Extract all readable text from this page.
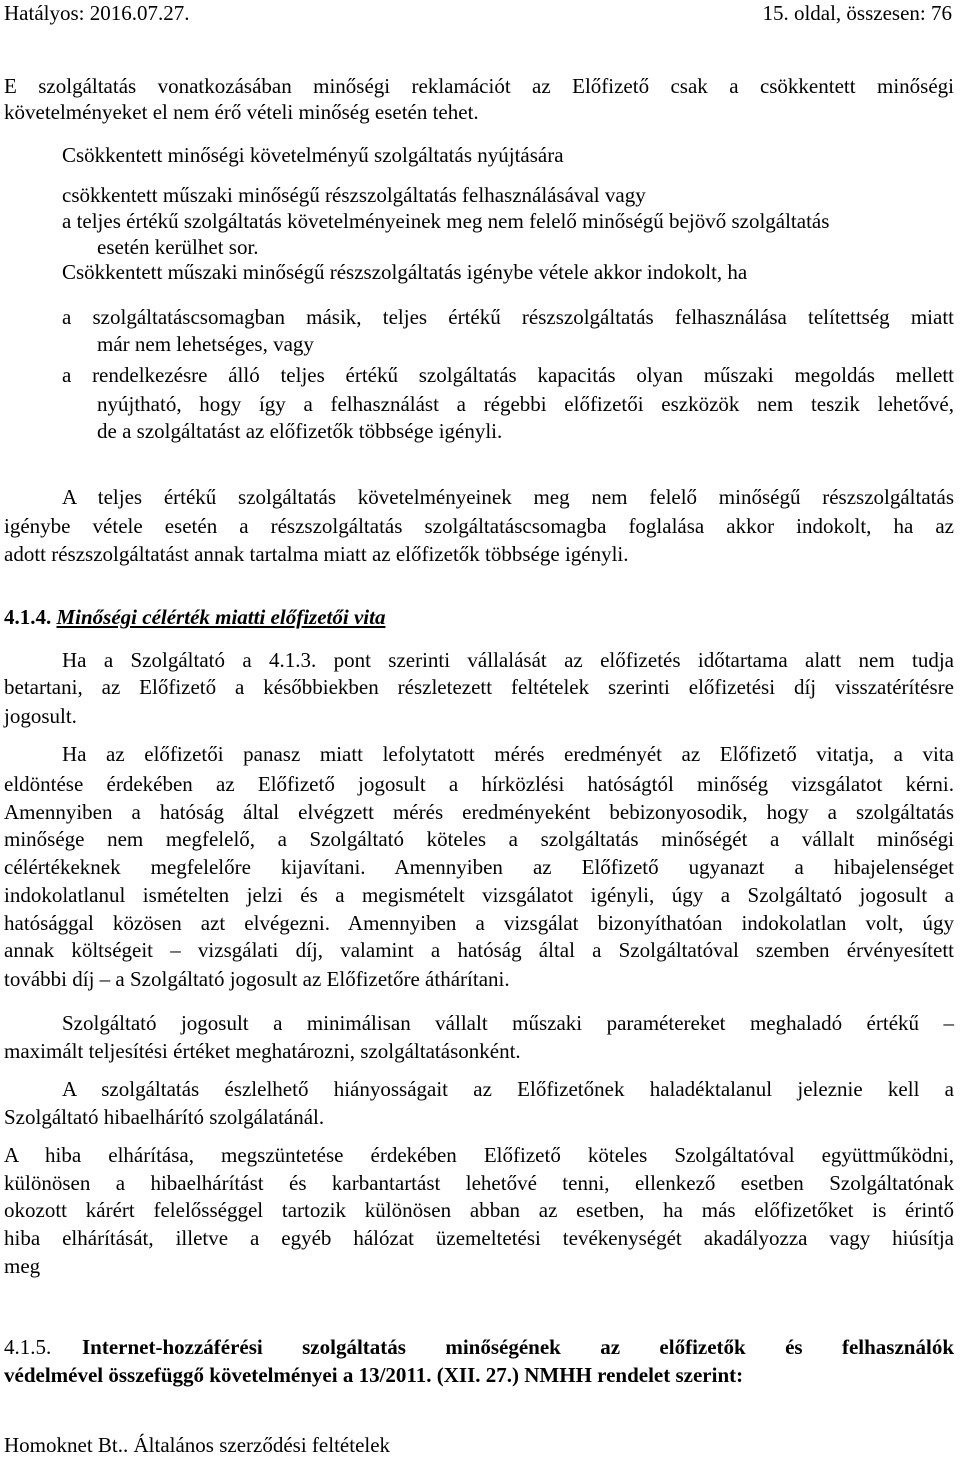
Hatályos: 2016.07.27.	15. oldal, összesen: 76

E szolgáltatás vonatkozásában minőségi reklamációt az Előfizető csak a csökkentett minőségi

követelményeket el nem érő vételi minőség esetén tehet.

Csökkentett minőségi követelményű szolgáltatás nyújtására

csökkentett műszaki minőségű részszolgáltatás felhasználásával vagy

a teljes értékű szolgáltatás követelményeinek meg nem felelő minőségű bejövő szolgáltatás

esetén kerülhet sor.

Csökkentett műszaki minőségű részszolgáltatás igénybe vétele akkor indokolt, ha

a szolgáltatáscsomagban másik, teljes értékű részszolgáltatás felhasználása telítettség miatt

már nem lehetséges, vagy

a rendelkezésre álló teljes értékű szolgáltatás kapacitás olyan műszaki megoldás mellett

nyújtható, hogy így a felhasználást a régebbi előfizetői eszközök nem teszik lehetővé,

de a szolgáltatást az előfizetők többsége igényli.

A teljes értékű szolgáltatás követelményeinek meg nem felelő minőségű részszolgáltatás

igénybe vétele esetén a részszolgáltatás szolgáltatáscsomagba foglalása akkor indokolt, ha az

adott részszolgáltatást annak tartalma miatt az előfizetők többsége igényli.

4.1.4. Minőségi célérték miatti előfizetői vita

Ha a Szolgáltató a 4.1.3. pont szerinti vállalását az előfizetés időtartama alatt nem tudja

betartani, az Előfizető a későbbiekben részletezett feltételek szerinti előfizetési díj visszatérítésre

jogosult.

Ha az előfizetői panasz miatt lefolytatott mérés eredményét az Előfizető vitatja, a vita

eldöntése érdekében az Előfizető jogosult a hírközlési hatóságtól minőség vizsgálatot kérni.

Amennyiben a hatóság által elvégzett mérés eredményeként bebizonyosodik, hogy a szolgáltatás

minősége nem megfelelő, a Szolgáltató köteles a szolgáltatás minőségét a vállalt minőségi

célértékeknek megfelelőre kijavítani. Amennyiben az Előfizető ugyanazt a hibajelenséget

indokolatlanul ismételten jelzi és a megismételt vizsgálatot igényli, úgy a Szolgáltató jogosult a

hatósággal közösen azt elvégezni. Amennyiben a vizsgálat bizonyíthatóan indokolatlan volt, úgy

annak költségeit ‒ vizsgálati díj, valamint a hatóság által a Szolgáltatóval szemben érvényesített

további díj ‒ a Szolgáltató jogosult az Előfizetőre áthárítani.

Szolgáltató jogosult a minimálisan vállalt műszaki paramétereket meghaladó értékű ‒

maximált teljesítési értéket meghatározni, szolgáltatásonként.

A szolgáltatás észlelhető hiányosságait az Előfizetőnek haladéktalanul jeleznie kell a

Szolgáltató hibaelhárító szolgálatánál.

A hiba elhárítása, megszüntetése érdekében Előfizető köteles Szolgáltatóval együttműködni,

különösen a hibaelhárítást és karbantartást lehetővé tenni, ellenkező esetben Szolgáltatónak

okozott kárért felelősséggel tartozik különösen abban az esetben, ha más előfizetőket is érintő

hiba elhárítását, illetve a egyéb hálózat üzemeltetési tevékenységét akadályozza vagy hiúsítja

meg

4.1.5.	Internet-hozzáférési szolgáltatás minőségének az előfizetők és felhasználók

védelmével összefüggő követelményei a 13/2011. (XII. 27.) NMHH rendelet szerint:

Homoknet Bt.. Általános szerződési feltételek
